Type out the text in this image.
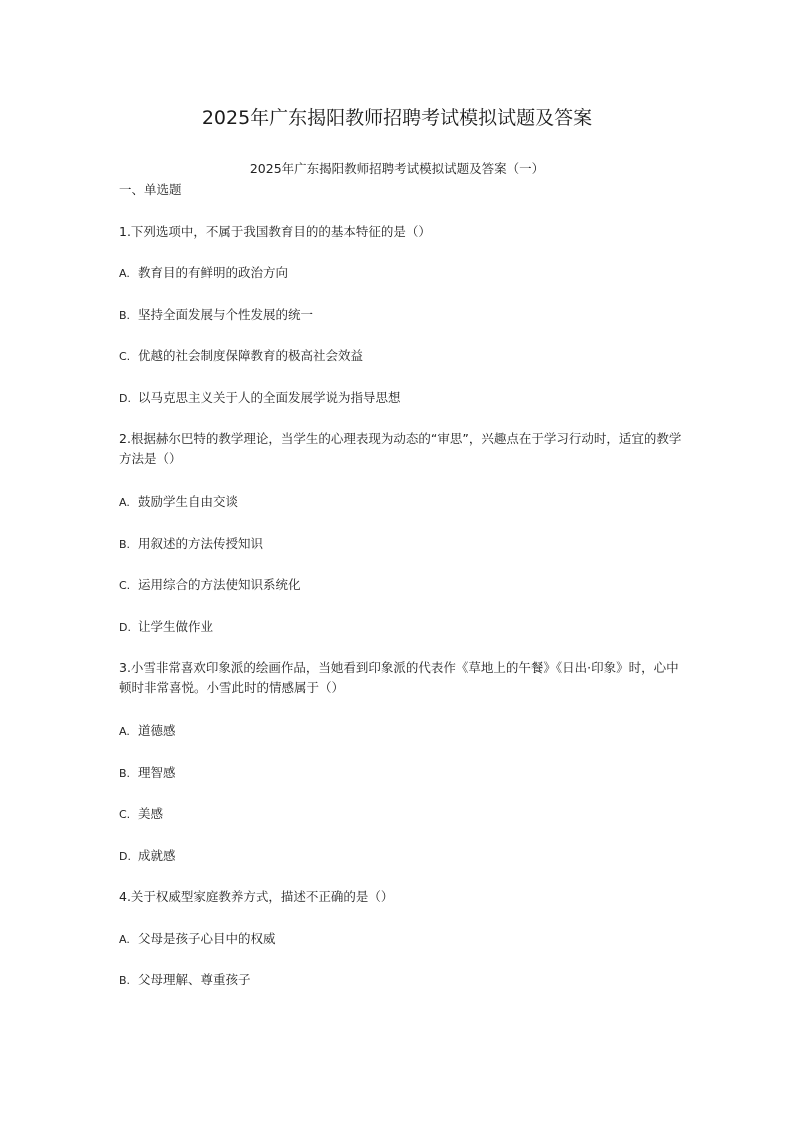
2025年广东揭阳教师招聘考试模拟试题及答案
2025年广东揭阳教师招聘考试模拟试题及答案（一）
一、单选题
1.下列选项中，不属于我国教育目的的基本特征的是（）
A. 教育目的有鲜明的政治方向
B. 坚持全面发展与个性发展的统一
C. 优越的社会制度保障教育的极高社会效益
D. 以马克思主义关于人的全面发展学说为指导思想
2.根据赫尔巴特的教学理论，当学生的心理表现为动态的“审思”，兴趣点在于学习行动时，适宜的教学方法是（）
A. 鼓励学生自由交谈
B. 用叙述的方法传授知识
C. 运用综合的方法使知识系统化
D. 让学生做作业
3.小雪非常喜欢印象派的绘画作品，当她看到印象派的代表作《草地上的午餐》《日出·印象》时，心中顿时非常喜悦。小雪此时的情感属于（）
A. 道德感
B. 理智感
C. 美感
D. 成就感
4.关于权威型家庭教养方式，描述不正确的是（）
A. 父母是孩子心目中的权威
B. 父母理解、尊重孩子
